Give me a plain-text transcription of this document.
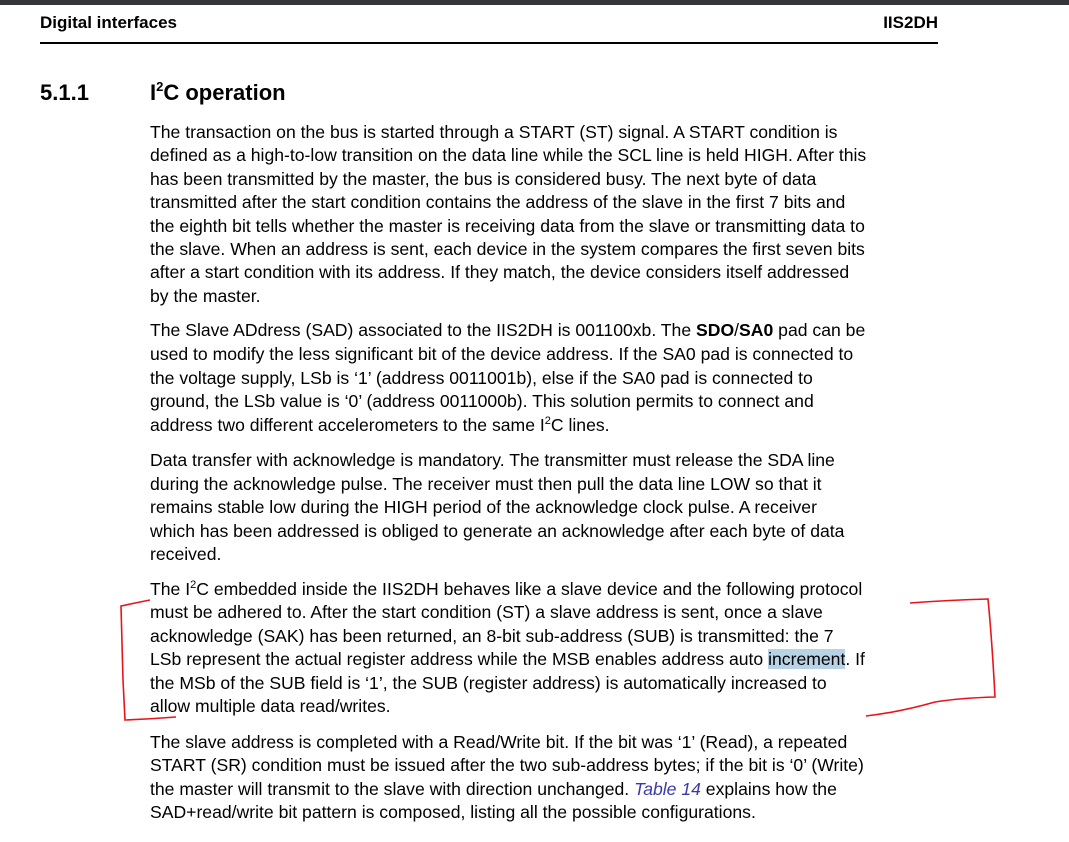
Digital interfaces	IIS2DH
5.1.1	$I^2C$ operation
The transaction on the bus is started through a START (ST) signal. A START condition is
defined as a high-to-low transition on the data line while the SCL line is held HIGH. After this
has been transmitted by the master, the bus is considered busy. The next byte of data
transmitted after the start condition contains the address of the slave in the first 7 bits and
the eighth bit tells whether the master is receiving data from the slave or transmitting data to
the slave. When an address is sent, each device in the system compares the first seven bits
after a start condition with its address. If they match, the device considers itself addressed
by the master.
The Slave ADdress (SAD) associated to the IIS2DH is 001100xb. The SDO/SA0 pad can be
used to modify the less significant bit of the device address. If the SA0 pad is connected to
the voltage supply, LSb is ‘1’ (address 0011001b), else if the SA0 pad is connected to
ground, the LSb value is ‘0’ (address 0011000b). This solution permits to connect and
address two different accelerometers to the same $I^2C$ lines.
Data transfer with acknowledge is mandatory. The transmitter must release the SDA line
during the acknowledge pulse. The receiver must then pull the data line LOW so that it
remains stable low during the HIGH period of the acknowledge clock pulse. A receiver
which has been addressed is obliged to generate an acknowledge after each byte of data
received.
The $I^2C$ embedded inside the IIS2DH behaves like a slave device and the following protocol
must be adhered to. After the start condition (ST) a slave address is sent, once a slave
acknowledge (SAK) has been returned, an 8-bit sub-address (SUB) is transmitted: the 7
LSb represent the actual register address while the MSB enables address auto increment. If
the MSb of the SUB field is ‘1’, the SUB (register address) is automatically increased to
allow multiple data read/writes.
The slave address is completed with a Read/Write bit. If the bit was ‘1’ (Read), a repeated
START (SR) condition must be issued after the two sub-address bytes; if the bit is ‘0’ (Write)
the master will transmit to the slave with direction unchanged. Table 14 explains how the
SAD+read/write bit pattern is composed, listing all the possible configurations.
